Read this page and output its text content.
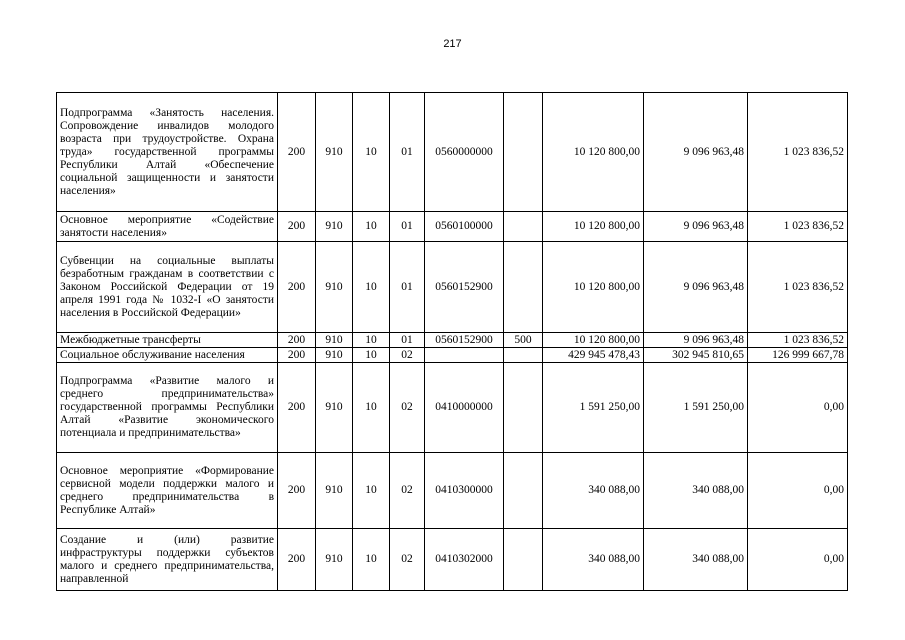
217
Подпрограмма «Занятость населения. Сопровождение инвалидов молодого возраста при трудоустройстве. Охрана труда» государственной программы Республики Алтай «Обеспечение социальной защищенности и занятости населения»	200	910	10	01	0560000000		10 120 800,00	9 096 963,48	1 023 836,52
Основное мероприятие «Содействие занятости населения»	200	910	10	01	0560100000		10 120 800,00	9 096 963,48	1 023 836,52
Субвенции на социальные выплаты безработным гражданам в соответствии с Законом Российской Федерации от 19 апреля 1991 года № 1032-I «О занятости населения в Российской Федерации»	200	910	10	01	0560152900		10 120 800,00	9 096 963,48	1 023 836,52
Межбюджетные трансферты	200	910	10	01	0560152900	500	10 120 800,00	9 096 963,48	1 023 836,52
Социальное обслуживание населения	200	910	10	02			429 945 478,43	302 945 810,65	126 999 667,78
Подпрограмма «Развитие малого и среднего предпринимательства» государственной программы Республики Алтай «Развитие экономического потенциала и предпринимательства»	200	910	10	02	0410000000		1 591 250,00	1 591 250,00	0,00
Основное мероприятие «Формирование сервисной модели поддержки малого и среднего предпринимательства в Республике Алтай»	200	910	10	02	0410300000		340 088,00	340 088,00	0,00
Создание и (или) развитие инфраструктуры поддержки субъектов малого и среднего предпринимательства, направленной	200	910	10	02	0410302000		340 088,00	340 088,00	0,00
